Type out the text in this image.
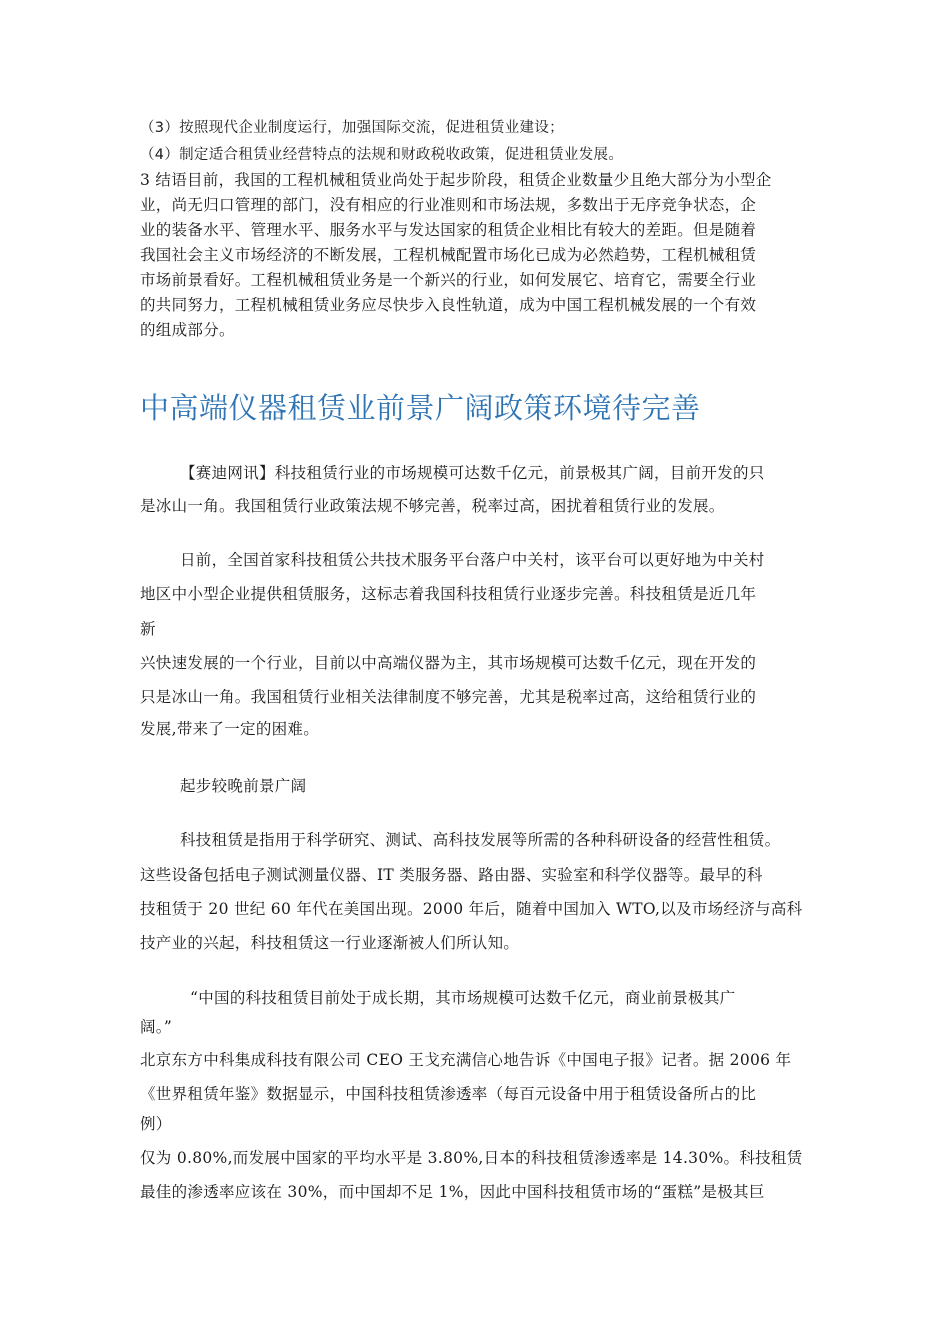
（3）按照现代企业制度运行，加强国际交流，促进租赁业建设；
（4）制定适合租赁业经营特点的法规和财政税收政策，促进租赁业发展。
3 结语目前，我国的工程机械租赁业尚处于起步阶段，租赁企业数量少且绝大部分为小型企
业，尚无归口管理的部门，没有相应的行业准则和市场法规，多数出于无序竞争状态，企
业的装备水平、管理水平、服务水平与发达国家的租赁企业相比有较大的差距。但是随着
我国社会主义市场经济的不断发展，工程机械配置市场化已成为必然趋势，工程机械租赁
市场前景看好。工程机械租赁业务是一个新兴的行业，如何发展它、培育它，需要全行业
的共同努力，工程机械租赁业务应尽快步入良性轨道，成为中国工程机械发展的一个有效
的组成部分。
中高端仪器租赁业前景广阔政策环境待完善
【赛迪网讯】科技租赁行业的市场规模可达数千亿元，前景极其广阔，目前开发的只
是冰山一角。我国租赁行业政策法规不够完善，税率过高，困扰着租赁行业的发展。
日前，全国首家科技租赁公共技术服务平台落户中关村，该平台可以更好地为中关村
地区中小型企业提供租赁服务，这标志着我国科技租赁行业逐步完善。科技租赁是近几年
新
兴快速发展的一个行业，目前以中高端仪器为主，其市场规模可达数千亿元，现在开发的
只是冰山一角。我国租赁行业相关法律制度不够完善，尤其是税率过高，这给租赁行业的
发展,带来了一定的困难。
起步较晚前景广阔
科技租赁是指用于科学研究、测试、高科技发展等所需的各种科研设备的经营性租赁。
这些设备包括电子测试测量仪器、IT 类服务器、路由器、实验室和科学仪器等。最早的科
技租赁于 20 世纪 60 年代在美国出现。2000 年后，随着中国加入 WTO,以及市场经济与高科
技产业的兴起，科技租赁这一行业逐渐被人们所认知。
“中国的科技租赁目前处于成长期，其市场规模可达数千亿元，商业前景极其广
阔。”
北京东方中科集成科技有限公司 CEO 王戈充满信心地告诉《中国电子报》记者。据 2006 年
《世界租赁年鉴》数据显示，中国科技租赁渗透率（每百元设备中用于租赁设备所占的比
例）
仅为 0.80%,而发展中国家的平均水平是 3.80%,日本的科技租赁渗透率是 14.30%。科技租赁
最佳的渗透率应该在 30%，而中国却不足 1%，因此中国科技租赁市场的“蛋糕”是极其巨
